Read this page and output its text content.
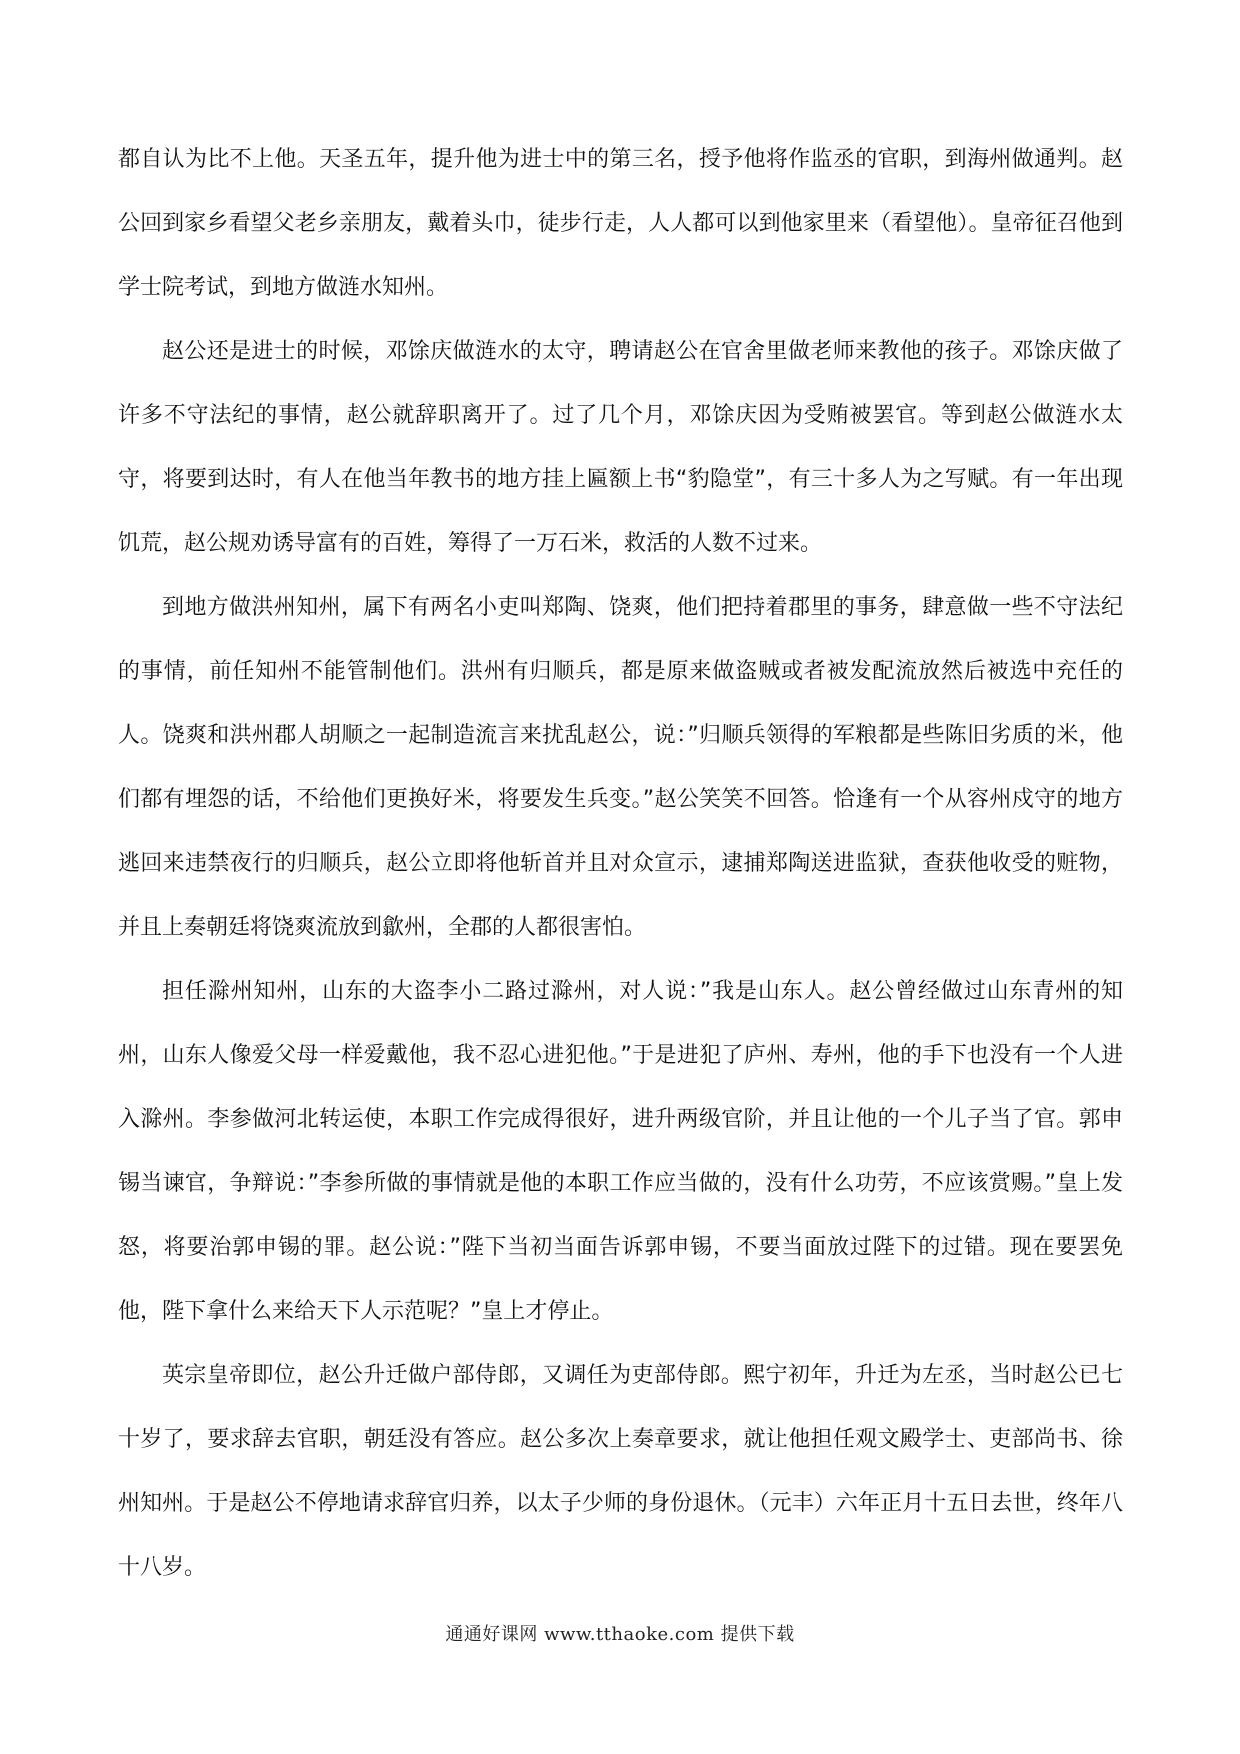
都自认为比不上他。天圣五年，提升他为进士中的第三名，授予他将作监丞的官职，到海州做通判。赵公回到家乡看望父老乡亲朋友，戴着头巾，徒步行走，人人都可以到他家里来（看望他）。皇帝征召他到学士院考试，到地方做涟水知州。

赵公还是进士的时候，邓馀庆做涟水的太守，聘请赵公在官舍里做老师来教他的孩子。邓馀庆做了许多不守法纪的事情，赵公就辞职离开了。过了几个月，邓馀庆因为受贿被罢官。等到赵公做涟水太守，将要到达时，有人在他当年教书的地方挂上匾额上书“豹隐堂”，有三十多人为之写赋。有一年出现饥荒，赵公规劝诱导富有的百姓，筹得了一万石米，救活的人数不过来。

到地方做洪州知州，属下有两名小吏叫郑陶、饶爽，他们把持着郡里的事务，肆意做一些不守法纪的事情，前任知州不能管制他们。洪州有归顺兵，都是原来做盗贼或者被发配流放然后被选中充任的人。饶爽和洪州郡人胡顺之一起制造流言来扰乱赵公，说：”归顺兵领得的军粮都是些陈旧劣质的米，他们都有埋怨的话，不给他们更换好米，将要发生兵变。”赵公笑笑不回答。恰逢有一个从容州戍守的地方逃回来违禁夜行的归顺兵，赵公立即将他斩首并且对众宣示，逮捕郑陶送进监狱，查获他收受的赃物，并且上奏朝廷将饶爽流放到歙州，全郡的人都很害怕。

担任滁州知州，山东的大盗李小二路过滁州，对人说：”我是山东人。赵公曾经做过山东青州的知州，山东人像爱父母一样爱戴他，我不忍心进犯他。”于是进犯了庐州、寿州，他的手下也没有一个人进入滁州。李参做河北转运使，本职工作完成得很好，进升两级官阶，并且让他的一个儿子当了官。郭申锡当谏官，争辩说：”李参所做的事情就是他的本职工作应当做的，没有什么功劳，不应该赏赐。”皇上发怒，将要治郭申锡的罪。赵公说：”陛下当初当面告诉郭申锡，不要当面放过陛下的过错。现在要罢免他，陛下拿什么来给天下人示范呢？”皇上才停止。

英宗皇帝即位，赵公升迁做户部侍郎，又调任为吏部侍郎。熙宁初年，升迁为左丞，当时赵公已七十岁了，要求辞去官职，朝廷没有答应。赵公多次上奏章要求，就让他担任观文殿学士、吏部尚书、徐州知州。于是赵公不停地请求辞官归养，以太子少师的身份退休。（元丰）六年正月十五日去世，终年八十八岁。

通通好课网 www.tthaoke.com 提供下载
